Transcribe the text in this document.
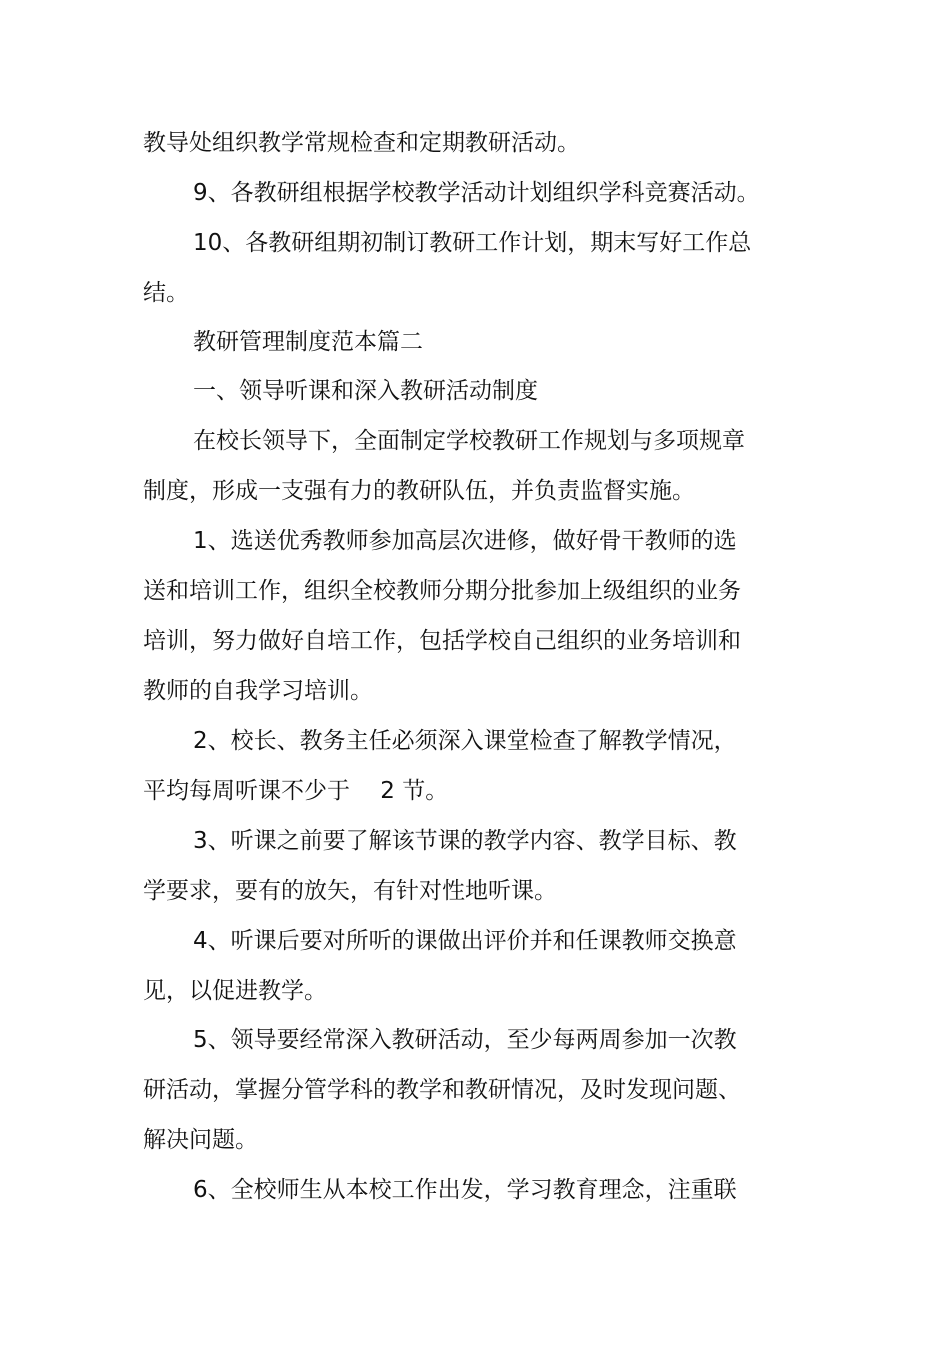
教导处组织教学常规检查和定期教研活动。
9、各教研组根据学校教学活动计划组织学科竞赛活动。
10、各教研组期初制订教研工作计划，期末写好工作总
结。
教研管理制度范本篇二
一、领导听课和深入教研活动制度
在校长领导下，全面制定学校教研工作规划与多项规章
制度，形成一支强有力的教研队伍，并负责监督实施。
1、选送优秀教师参加高层次进修，做好骨干教师的选
送和培训工作，组织全校教师分期分批参加上级组织的业务
培训，努力做好自培工作，包括学校自己组织的业务培训和
教师的自我学习培训。
2、校长、教务主任必须深入课堂检查了解教学情况，
平均每周听课不少于　 2 节。
3、听课之前要了解该节课的教学内容、教学目标、教
学要求，要有的放矢，有针对性地听课。
4、听课后要对所听的课做出评价并和任课教师交换意
见，以促进教学。
5、领导要经常深入教研活动，至少每两周参加一次教
研活动，掌握分管学科的教学和教研情况，及时发现问题、
解决问题。
6、全校师生从本校工作出发，学习教育理念，注重联
